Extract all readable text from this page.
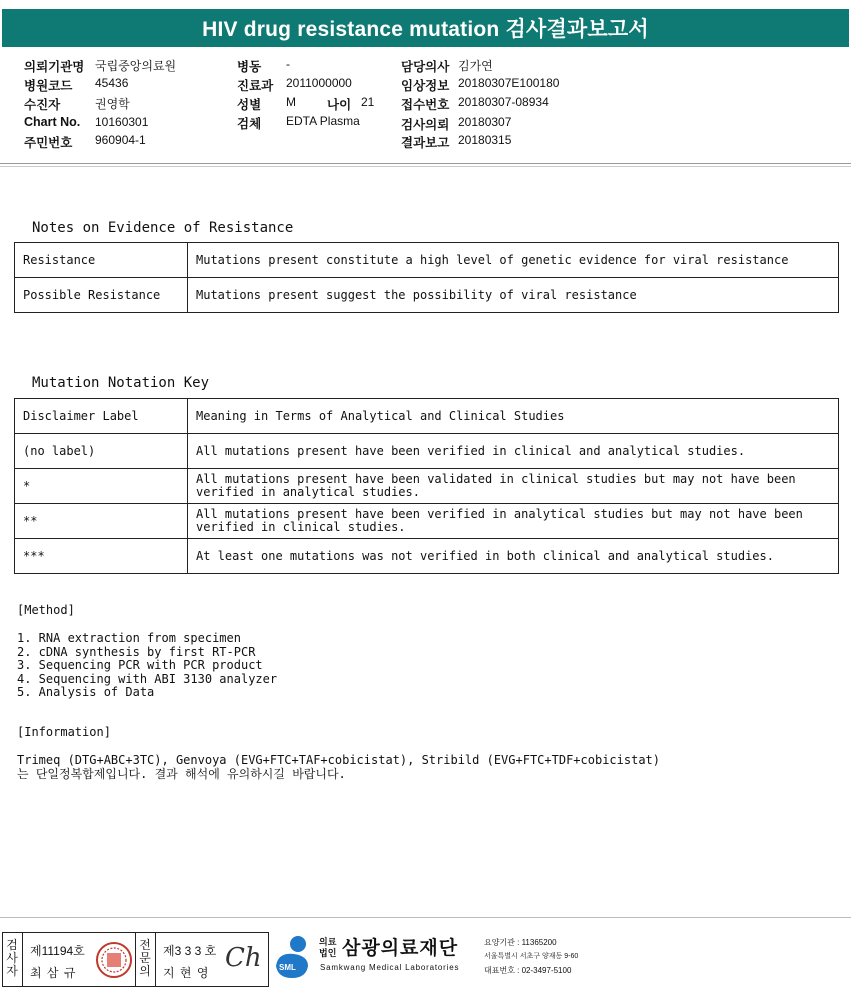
HIV drug resistance mutation 검사결과보고서
의뢰기관명 국립중앙의료원
병원코드 45436
수진자	권영학
Chart No. 10160301
주민번호 960904-1
병동 -
진료과 2011000000
성별 M 나이 21
검체 EDTA Plasma
담당의사 김가연
임상정보 20180307E100180
접수번호 20180307-08934
검사의뢰 20180307
결과보고 20180315
Notes on Evidence of Resistance
Resistance	Mutations present constitute a high level of genetic evidence for viral resistance
Possible Resistance	Mutations present suggest the possibility of viral resistance
Mutation Notation Key
Disclaimer Label	Meaning in Terms of Analytical and Clinical Studies
(no label)	All mutations present have been verified in clinical and analytical studies.
*	All mutations present have been validated in clinical studies but may not have been verified in analytical studies.
**	All mutations present have been verified in analytical studies but may not have been verified in clinical studies.
***	At least one mutations was not verified in both clinical and analytical studies.
[Method]
1. RNA extraction from specimen
2. cDNA synthesis by first RT-PCR
3. Sequencing PCR with PCR product
4. Sequencing with ABI 3130 analyzer
5. Analysis of Data
[Information]
Trimeq (DTG+ABC+3TC), Genvoya (EVG+FTC+TAF+cobicistat), Stribild (EVG+FTC+TDF+cobicistat)
는 단일정복합제입니다. 결과 해석에 유의하시길 바랍니다.
검사자
제11194호
최 삼 규
전문의
제3 3 3 호
지 현 영 Ch SML
의료
법인 삼광의료재단
Samkwang Medical Laboratories
요양기관 : 11365200
서울특별시 서초구 양재동 9-60
대표번호 : 02-3497-5100
